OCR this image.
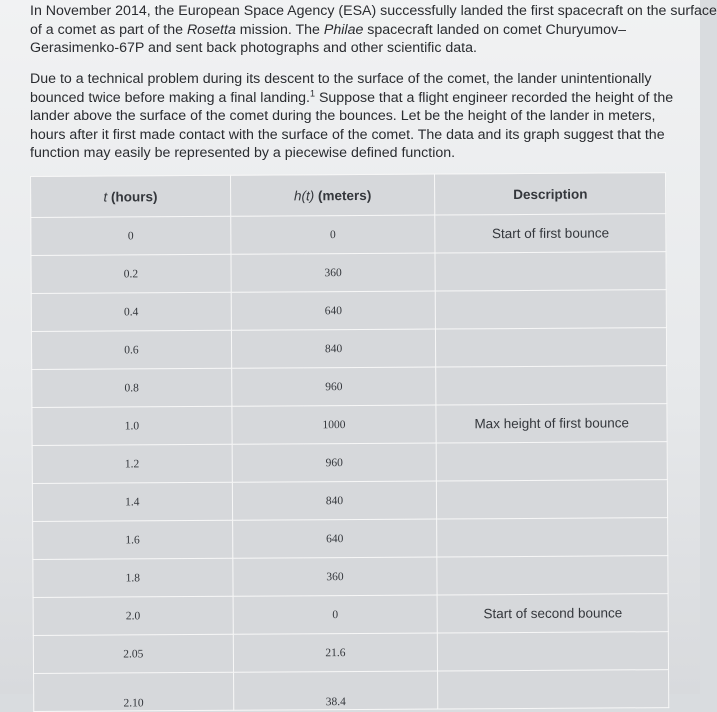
In November 2014, the European Space Agency (ESA) successfully landed the first spacecraft on the surface
of a comet as part of the Rosetta mission. The Philae spacecraft landed on comet Churyumov–
Gerasimenko-67P and sent back photographs and other scientific data.

Due to a technical problem during its descent to the surface of the comet, the lander unintentionally
bounced twice before making a final landing.$^1$ Suppose that a flight engineer recorded the height of the
lander above the surface of the comet during the bounces. Let be the height of the lander in meters,
hours after it first made contact with the surface of the comet. The data and its graph suggest that the
function may easily be represented by a piecewise defined function.

t (hours)	h(t) (meters)	Description
0	0	Start of first bounce
0.2	360	
0.4	640	
0.6	840	
0.8	960	
1.0	1000	Max height of first bounce
1.2	960	
1.4	840	
1.6	640	
1.8	360	
2.0	0	Start of second bounce
2.05	21.6	
2.10	38.4	
